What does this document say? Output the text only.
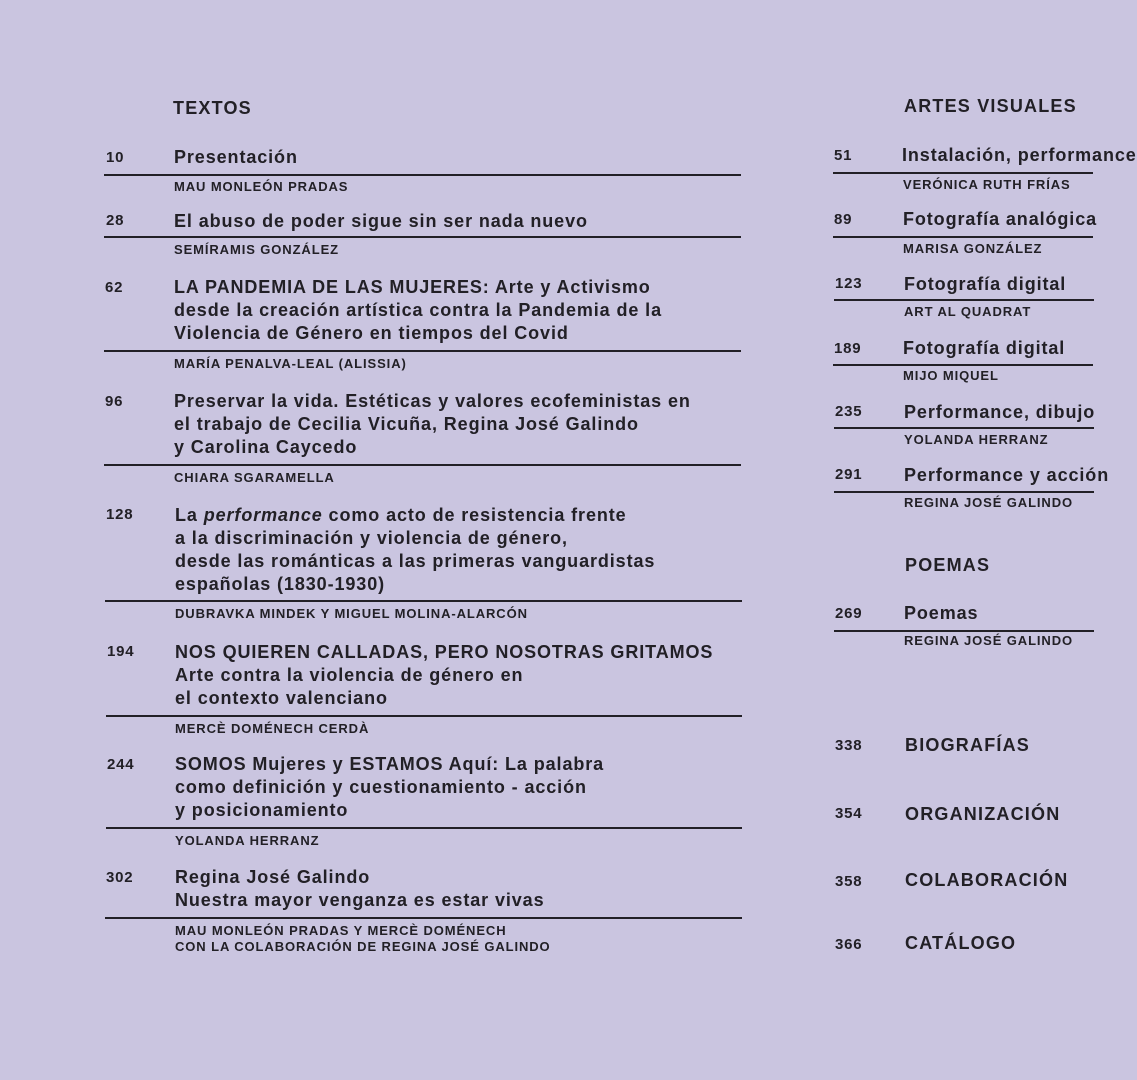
TEXTOS
10	Presentación
MAU MONLEÓN PRADAS
28	El abuso de poder sigue sin ser nada nuevo
SEMÍRAMIS GONZÁLEZ
62	LA PANDEMIA DE LAS MUJERES: Arte y Activismo
desde la creación artística contra la Pandemia de la
Violencia de Género en tiempos del Covid
MARÍA PENALVA-LEAL (ALISSIA)
96	Preservar la vida. Estéticas y valores ecofeministas en
el trabajo de Cecilia Vicuña, Regina José Galindo
y Carolina Caycedo
CHIARA SGARAMELLA
128 La performance como acto de resistencia frente
a la discriminación y violencia de género,
desde las románticas a las primeras vanguardistas
españolas (1830-1930)
DUBRAVKA MINDEK Y MIGUEL MOLINA-ALARCÓN
194 NOS QUIEREN CALLADAS, PERO NOSOTRAS GRITAMOS
Arte contra la violencia de género en
el contexto valenciano
MERCÈ DOMÉNECH CERDÀ
244 SOMOS Mujeres y ESTAMOS Aquí: La palabra
como definición y cuestionamiento - acción
y posicionamiento
YOLANDA HERRANZ
302 Regina José Galindo
Nuestra mayor venganza es estar vivas
MAU MONLEÓN PRADAS Y MERCÈ DOMÉNECH
CON LA COLABORACIÓN DE REGINA JOSÉ GALINDO
ARTES VISUALES
51	Instalación, performance
VERÓNICA RUTH FRÍAS
89	Fotografía analógica
MARISA GONZÁLEZ
123 Fotografía digital
ART AL QUADRAT
189 Fotografía digital
MIJO MIQUEL
235 Performance, dibujo
YOLANDA HERRANZ
291 Performance y acción
REGINA JOSÉ GALINDO
POEMAS
269 Poemas
REGINA JOSÉ GALINDO
338 BIOGRAFÍAS
354 ORGANIZACIÓN
358 COLABORACIÓN
366 CATÁLOGO
